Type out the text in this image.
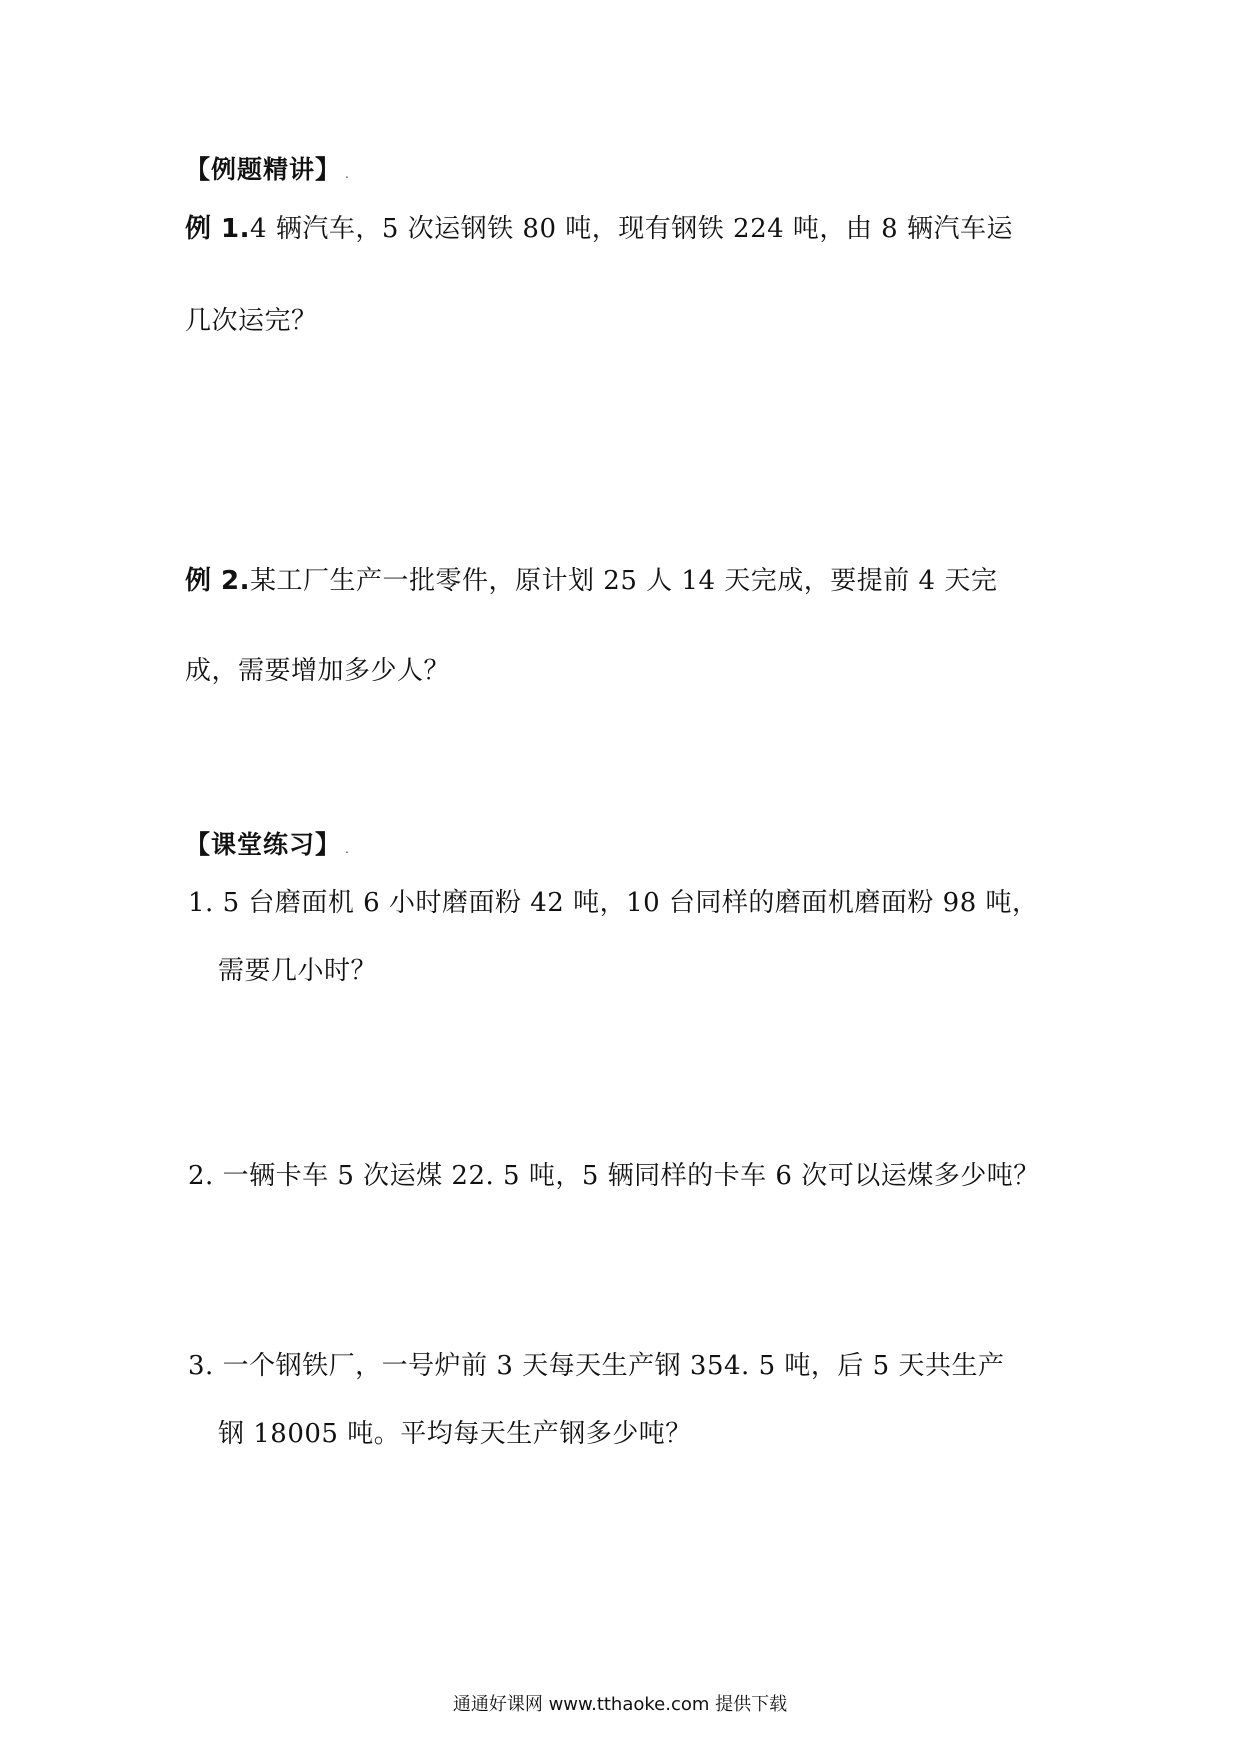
【例题精讲】 .
例 1.4 辆汽车，5 次运钢铁 80 吨，现有钢铁 224 吨，由 8 辆汽车运
几次运完？
例 2.某工厂生产一批零件，原计划 25 人 14 天完成，要提前 4 天完
成，需要增加多少人？
【课堂练习】 .
1. 5 台磨面机 6 小时磨面粉 42 吨，10 台同样的磨面机磨面粉 98 吨，
需要几小时？
2. 一辆卡车 5 次运煤 22. 5 吨，5 辆同样的卡车 6 次可以运煤多少吨？
3. 一个钢铁厂，一号炉前 3 天每天生产钢 354. 5 吨，后 5 天共生产
钢 18005 吨。平均每天生产钢多少吨？
通通好课网 www.tthaoke.com 提供下载
